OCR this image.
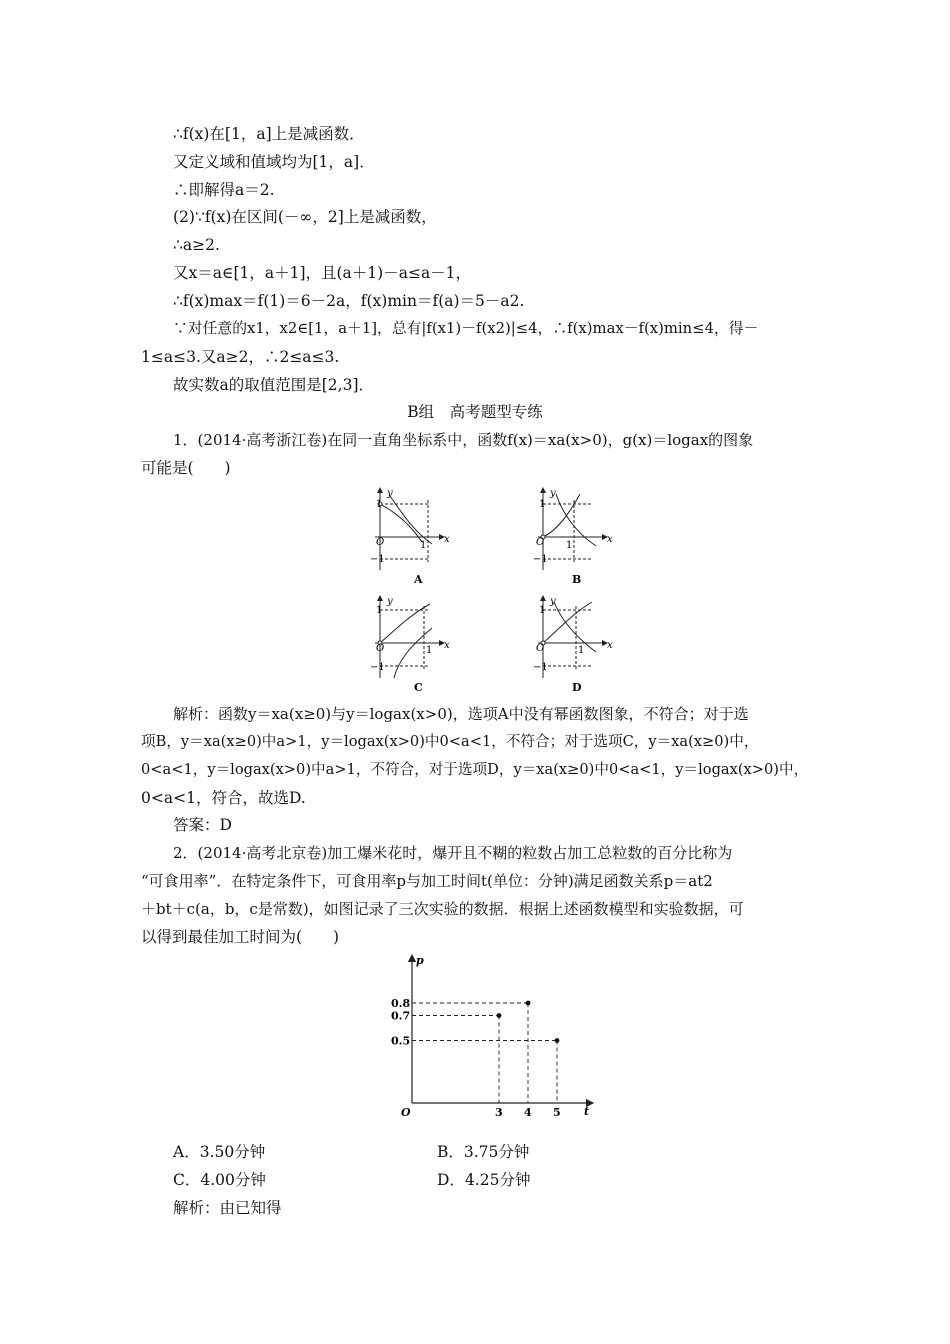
∴f(x)在[1，a]上是减函数．
又定义域和值域均为[1，a]．
∴即解得a＝2.
(2)∵f(x)在区间(－∞，2]上是减函数，
∴a≥2.
又x＝a∈[1，a＋1]，且(a＋1)－a≤a－1，
∴f(x)max＝f(1)＝6－2a，f(x)min＝f(a)＝5－a2.
∵对任意的x1，x2∈[1，a＋1]，总有|f(x1)－f(x2)|≤4，∴f(x)max－f(x)min≤4，得－
1≤a≤3.又a≥2，∴2≤a≤3.
故实数a的取值范围是[2,3]．
B组　高考题型专练
1．(2014·高考浙江卷)在同一直角坐标系中，函数f(x)＝xa(x>0)，g(x)＝logax的图象
可能是(　　)
y
1
O	1
x
−1
A
y
1
O 1
x
−1
B
y
1
O	1 x
−1
C
y
1
O	1 x
−1
D
解析：函数y＝xa(x≥0)与y＝logax(x>0)，选项A中没有幂函数图象，不符合；对于选
项B，y＝xa(x≥0)中a>1，y＝logax(x>0)中0<a<1，不符合；对于选项C，y＝xa(x≥0)中，
0<a<1，y＝logax(x>0)中a>1，不符合，对于选项D，y＝xa(x≥0)中0<a<1，y＝logax(x>0)中，
0<a<1，符合，故选D.
答案：D
2．(2014·高考北京卷)加工爆米花时，爆开且不糊的粒数占加工总粒数的百分比称为
“可食用率”．在特定条件下，可食用率p与加工时间t(单位：分钟)满足函数关系p＝at2
＋bt＋c(a，b，c是常数)，如图记录了三次实验的数据．根据上述函数模型和实验数据，可
以得到最佳加工时间为(　　)
p
t
O	3 4 5
0.8
0.7
0.5
A．3.50分钟	B．3.75分钟
C．4.00分钟	D．4.25分钟
解析：由已知得
